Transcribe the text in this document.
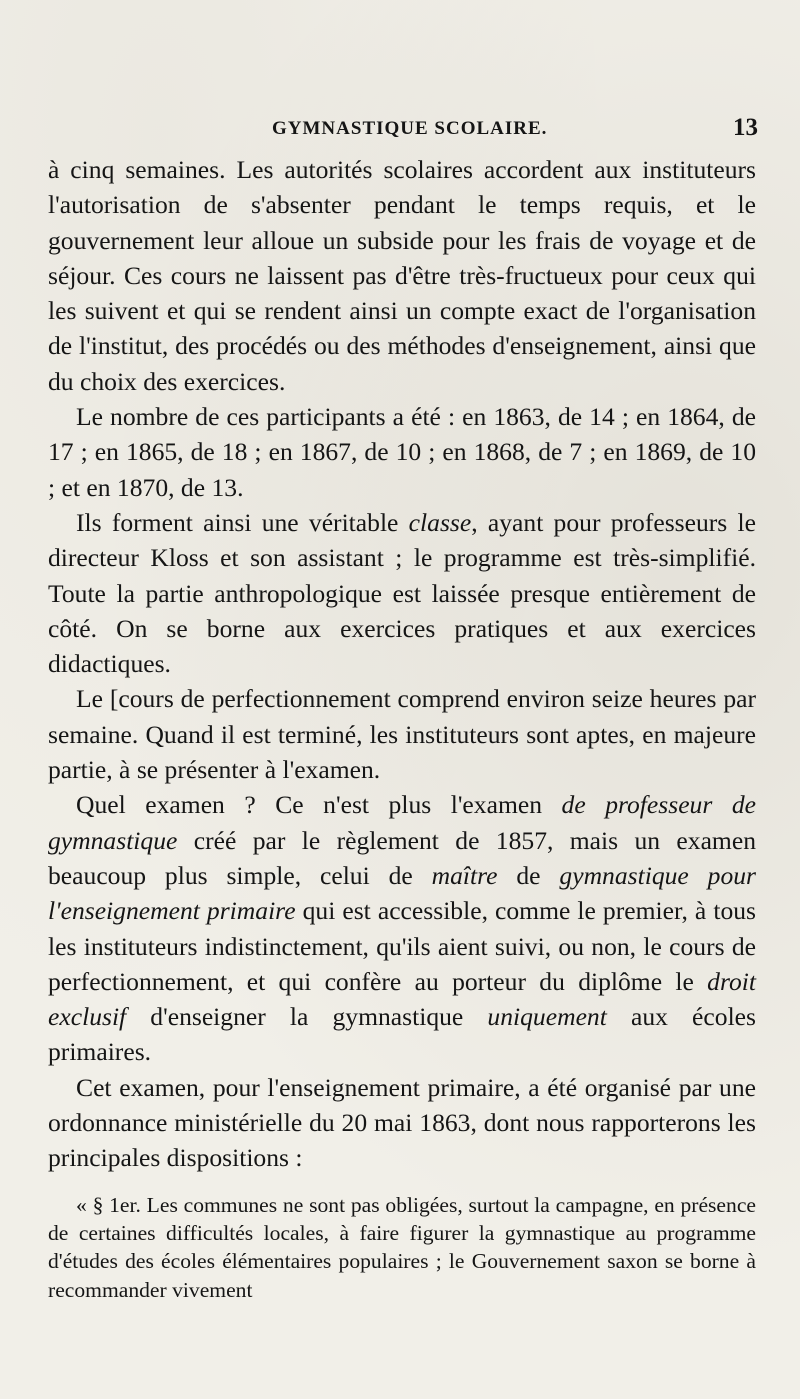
GYMNASTIQUE SCOLAIRE.	13

à cinq semaines. Les autorités scolaires accordent aux instituteurs l'autorisation de s'absenter pendant le temps requis, et le gouvernement leur alloue un subside pour les frais de voyage et de séjour. Ces cours ne laissent pas d'être très-fructueux pour ceux qui les suivent et qui se rendent ainsi un compte exact de l'organisation de l'institut, des procédés ou des méthodes d'enseignement, ainsi que du choix des exercices.

Le nombre de ces participants a été : en 1863, de 14 ; en 1864, de 17 ; en 1865, de 18 ; en 1867, de 10 ; en 1868, de 7 ; en 1869, de 10 ; et en 1870, de 13.

Ils forment ainsi une véritable classe, ayant pour professeurs le directeur Kloss et son assistant ; le programme est très-simplifié. Toute la partie anthropologique est laissée presque entièrement de côté. On se borne aux exercices pratiques et aux exercices didactiques.

Le [cours de perfectionnement comprend environ seize heures par semaine. Quand il est terminé, les instituteurs sont aptes, en majeure partie, à se présenter à l'examen.

Quel examen ? Ce n'est plus l'examen de professeur de gymnastique créé par le règlement de 1857, mais un examen beaucoup plus simple, celui de maître de gymnastique pour l'enseignement primaire qui est accessible, comme le premier, à tous les instituteurs indistinctement, qu'ils aient suivi, ou non, le cours de perfectionnement, et qui confère au porteur du diplôme le droit exclusif d'enseigner la gymnastique uniquement aux écoles primaires.

Cet examen, pour l'enseignement primaire, a été organisé par une ordonnance ministérielle du 20 mai 1863, dont nous rapporterons les principales dispositions :

« § 1er. Les communes ne sont pas obligées, surtout la campagne, en présence de certaines difficultés locales, à faire figurer la gymnastique au programme d'études des écoles élémentaires populaires ; le Gouvernement saxon se borne à recommander vivement
